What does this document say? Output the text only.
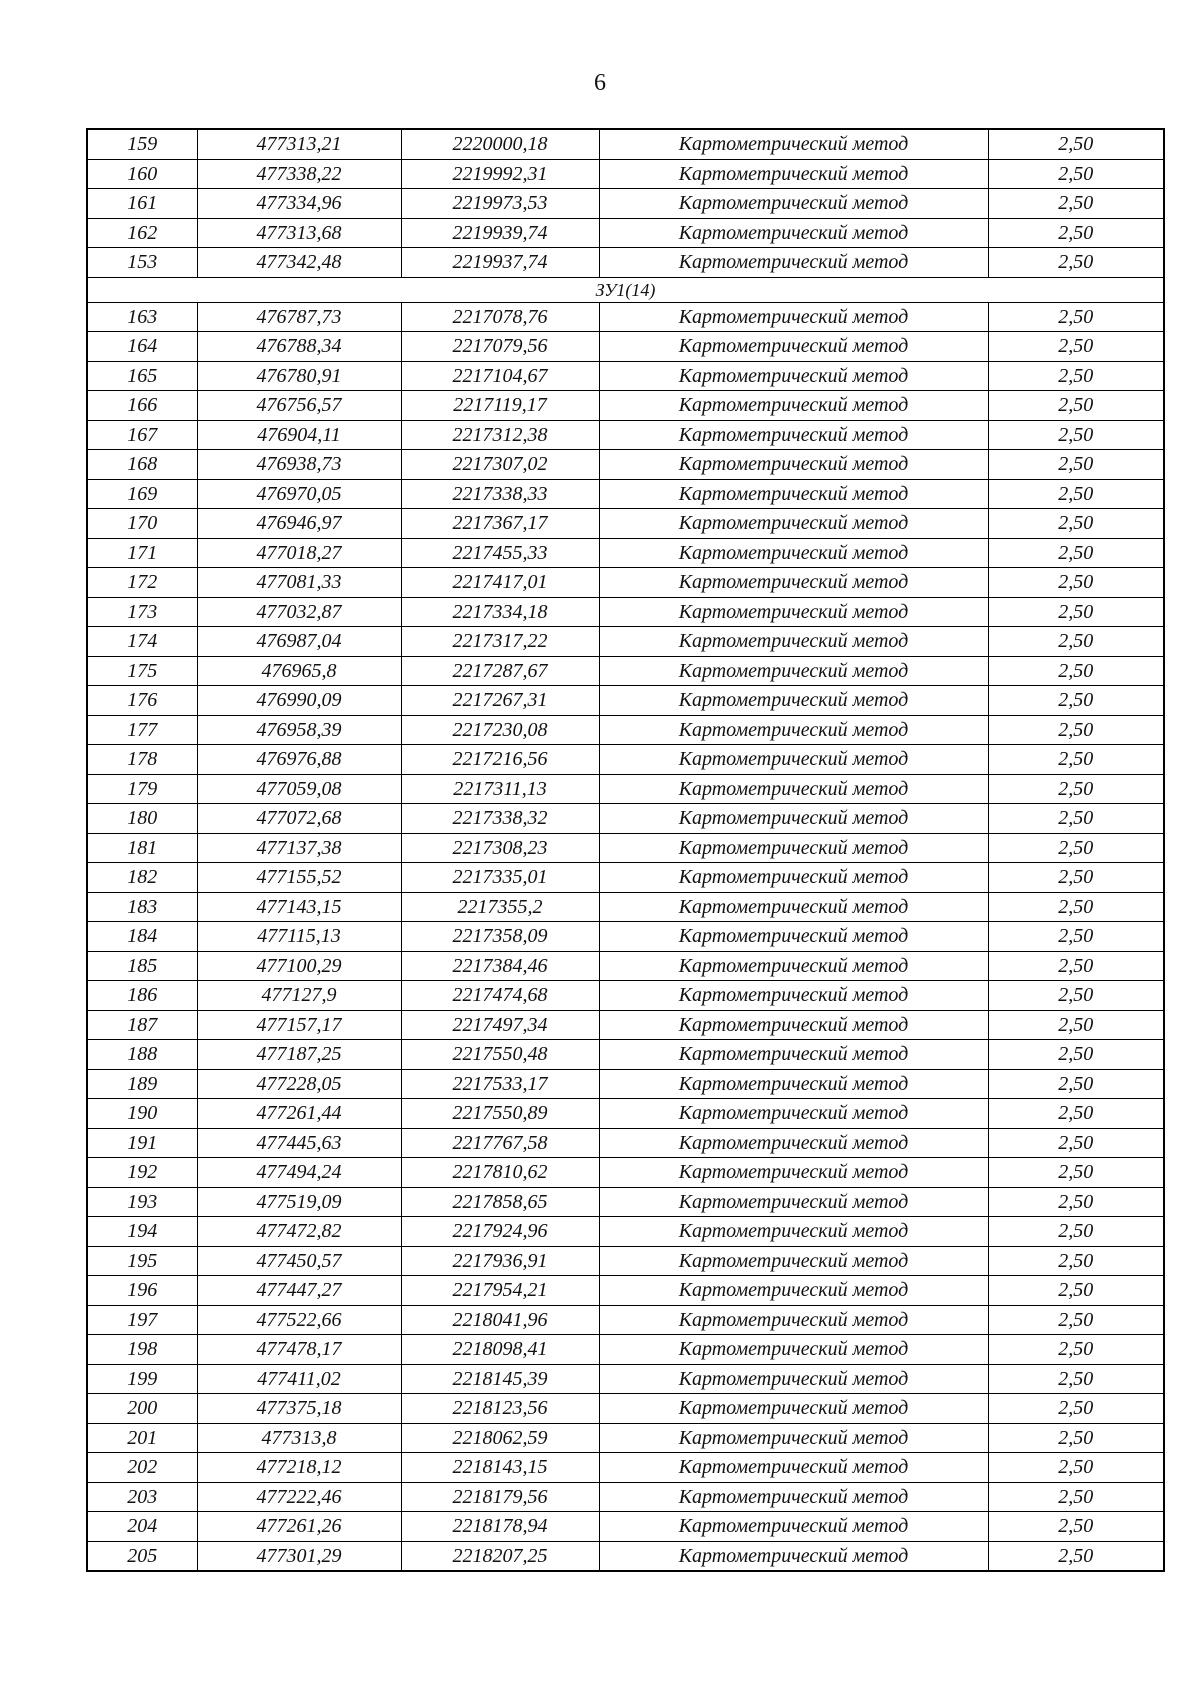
6
159	477313,21	2220000,18	Картометрический метод	2,50
160	477338,22	2219992,31	Картометрический метод	2,50
161	477334,96	2219973,53	Картометрический метод	2,50
162	477313,68	2219939,74	Картометрический метод	2,50
153	477342,48	2219937,74	Картометрический метод	2,50
ЗУ1(14)				
163	476787,73	2217078,76	Картометрический метод	2,50
164	476788,34	2217079,56	Картометрический метод	2,50
165	476780,91	2217104,67	Картометрический метод	2,50
166	476756,57	2217119,17	Картометрический метод	2,50
167	476904,11	2217312,38	Картометрический метод	2,50
168	476938,73	2217307,02	Картометрический метод	2,50
169	476970,05	2217338,33	Картометрический метод	2,50
170	476946,97	2217367,17	Картометрический метод	2,50
171	477018,27	2217455,33	Картометрический метод	2,50
172	477081,33	2217417,01	Картометрический метод	2,50
173	477032,87	2217334,18	Картометрический метод	2,50
174	476987,04	2217317,22	Картометрический метод	2,50
175	476965,8	2217287,67	Картометрический метод	2,50
176	476990,09	2217267,31	Картометрический метод	2,50
177	476958,39	2217230,08	Картометрический метод	2,50
178	476976,88	2217216,56	Картометрический метод	2,50
179	477059,08	2217311,13	Картометрический метод	2,50
180	477072,68	2217338,32	Картометрический метод	2,50
181	477137,38	2217308,23	Картометрический метод	2,50
182	477155,52	2217335,01	Картометрический метод	2,50
183	477143,15	2217355,2	Картометрический метод	2,50
184	477115,13	2217358,09	Картометрический метод	2,50
185	477100,29	2217384,46	Картометрический метод	2,50
186	477127,9	2217474,68	Картометрический метод	2,50
187	477157,17	2217497,34	Картометрический метод	2,50
188	477187,25	2217550,48	Картометрический метод	2,50
189	477228,05	2217533,17	Картометрический метод	2,50
190	477261,44	2217550,89	Картометрический метод	2,50
191	477445,63	2217767,58	Картометрический метод	2,50
192	477494,24	2217810,62	Картометрический метод	2,50
193	477519,09	2217858,65	Картометрический метод	2,50
194	477472,82	2217924,96	Картометрический метод	2,50
195	477450,57	2217936,91	Картометрический метод	2,50
196	477447,27	2217954,21	Картометрический метод	2,50
197	477522,66	2218041,96	Картометрический метод	2,50
198	477478,17	2218098,41	Картометрический метод	2,50
199	477411,02	2218145,39	Картометрический метод	2,50
200	477375,18	2218123,56	Картометрический метод	2,50
201	477313,8	2218062,59	Картометрический метод	2,50
202	477218,12	2218143,15	Картометрический метод	2,50
203	477222,46	2218179,56	Картометрический метод	2,50
204	477261,26	2218178,94	Картометрический метод	2,50
205	477301,29	2218207,25	Картометрический метод	2,50
